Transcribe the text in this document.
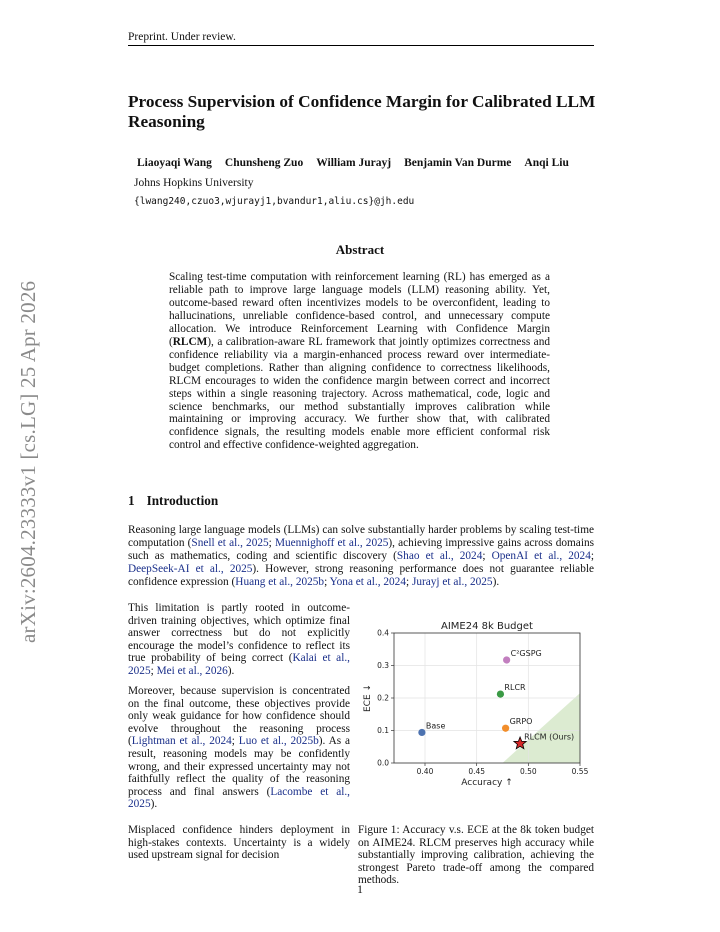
Preprint. Under review.
arXiv:2604.23333v1 [cs.LG] 25 Apr 2026
Process Supervision of Confidence Margin for Calibrated LLM Reasoning
Liaoyaqi Wang Chunsheng Zuo William Jurayj Benjamin Van Durme Anqi Liu
Johns Hopkins University
{lwang240,czuo3,wjurayj1,bvandur1,aliu.cs}@jh.edu
Abstract
Scaling test-time computation with reinforcement learning (RL) has emerged as a reliable path to improve large language models (LLM) reasoning ability. Yet, outcome-based reward often incentivizes models to be overconfident, leading to hallucinations, unreliable confidence-based control, and unnecessary compute allocation. We introduce Reinforcement Learning with Confidence Margin (RLCM), a calibration-aware RL framework that jointly optimizes correctness and confidence reliability via a margin-enhanced process reward over intermediate-budget completions. Rather than aligning confidence to correctness likelihoods, RLCM encourages to widen the confidence margin between correct and incorrect steps within a single reasoning trajectory. Across mathematical, code, logic and science benchmarks, our method substantially improves calibration while maintaining or improving accuracy. We further show that, with calibrated confidence signals, the resulting models enable more efficient conformal risk control and effective confidence-weighted aggregation.
1 Introduction
Reasoning large language models (LLMs) can solve substantially harder problems by scaling test-time computation (Snell et al., 2025; Muennighoff et al., 2025), achieving impressive gains across domains such as mathematics, coding and scientific discovery (Shao et al., 2024; OpenAI et al., 2024; DeepSeek-AI et al., 2025). However, strong reasoning performance does not guarantee reliable confidence expression (Huang et al., 2025b; Yona et al., 2024; Jurayj et al., 2025).
This limitation is partly rooted in outcome-driven training objectives, which optimize final answer correctness but do not explicitly encourage the model’s confidence to reflect its true probability of being correct (Kalai et al., 2025; Mei et al., 2026).
Moreover, because supervision is concentrated on the final outcome, these objectives provide only weak guidance for how confidence should evolve throughout the reasoning process (Lightman et al., 2024; Luo et al., 2025b). As a result, reasoning models may be confidently wrong, and their expressed uncertainty may not faithfully reflect the quality of the reasoning process and final answers (Lacombe et al., 2025).
Misplaced confidence hinders deployment in high-stakes contexts. Uncertainty is a widely used upstream signal for decision
AIME24 8k Budget
0.40	0.45	0.50	0.55
0.0
0.1
0.2
0.3
0.4
Accuracy ↑
ECE ↓
Base
C²GSPG
RLCR
GRPO
RLCM (Ours)
Figure 1: Accuracy v.s. ECE at the 8k token budget on AIME24. RLCM preserves high accuracy while substantially improving calibration, achieving the strongest Pareto trade-off among the compared methods.
1
